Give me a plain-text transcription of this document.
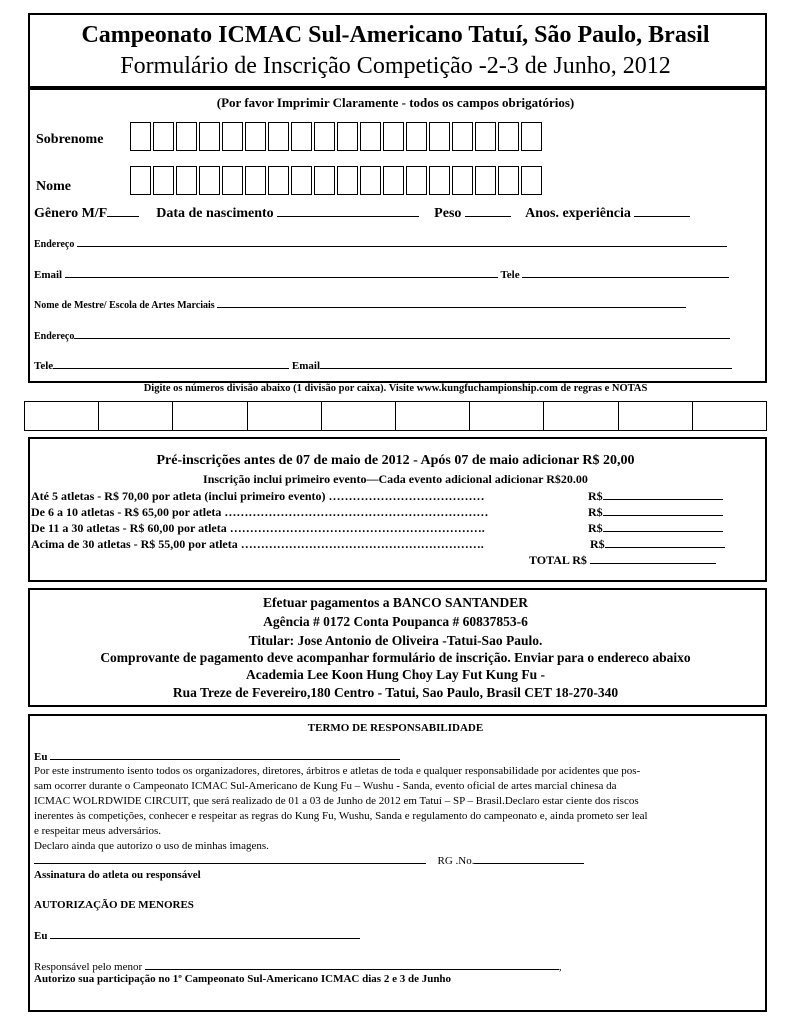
Campeonato ICMAC Sul-Americano Tatuí, São Paulo, Brasil
Formulário de Inscrição Competição -2-3 de Junho, 2012
(Por favor Imprimir Claramente - todos os campos obrigatórios)
Sobrenome
Nome
Gênero M/F	Data de nascimento	Peso	Anos. experiência
Endereço
Email	Tele
Nome de Mestre/ Escola de Artes Marciais
Endereço
Tele	Email
Digite os números divisão abaixo (1 divisão por caixa). Visite www.kungfuchampionship.com de regras e NOTAS
Pré-inscrições antes de 07 de maio de 2012 - Após 07 de maio adicionar R$ 20,00
Inscrição inclui primeiro evento—Cada evento adicional adicionar R$20.00
Até 5 atletas - R$ 70,00 por atleta (inclui primeiro evento) …………………………………	R$
De 6 a 10 atletas - R$ 65,00 por atleta …………………………………………………………	R$
De 11 a 30 atletas - R$ 60,00 por atleta ……………………………………………………….	R$
Acima de 30 atletas - R$ 55,00 por atleta …………………………………………………….	R$
TOTAL R$
Efetuar pagamentos a BANCO SANTANDER
Agência # 0172 Conta Poupanca # 60837853-6
Titular: Jose Antonio de Oliveira -Tatui-Sao Paulo.
Comprovante de pagamento deve acompanhar formulário de inscrição. Enviar para o endereco abaixo
Academia Lee Koon Hung Choy Lay Fut Kung Fu -
Rua Treze de Fevereiro,180 Centro - Tatui, Sao Paulo, Brasil CET 18-270-340
TERMO DE RESPONSABILIDADE
Eu
Por este instrumento isento todos os organizadores, diretores, árbitros e atletas de toda e qualquer responsabilidade por acidentes que pos-
sam ocorrer durante o Campeonato ICMAC Sul-Americano de Kung Fu – Wushu - Sanda, evento oficial de artes marcial chinesa da
ICMAC WOLRDWIDE CIRCUIT, que será realizado de 01 a 03 de Junho de 2012 em Tatuí – SP – Brasil.Declaro estar ciente dos riscos
inerentes às competições, conhecer e respeitar as regras do Kung Fu, Wushu, Sanda e regulamento do campeonato e, ainda prometo ser leal
e respeitar meus adversários.
Declaro ainda que autorizo o uso de minhas imagens.
RG .No.
Assinatura do atleta ou responsável
AUTORIZAÇÃO DE MENORES
Eu
Responsável pelo menor	,
Autorizo sua participação no 1º Campeonato Sul-Americano ICMAC dias 2 e 3 de Junho
